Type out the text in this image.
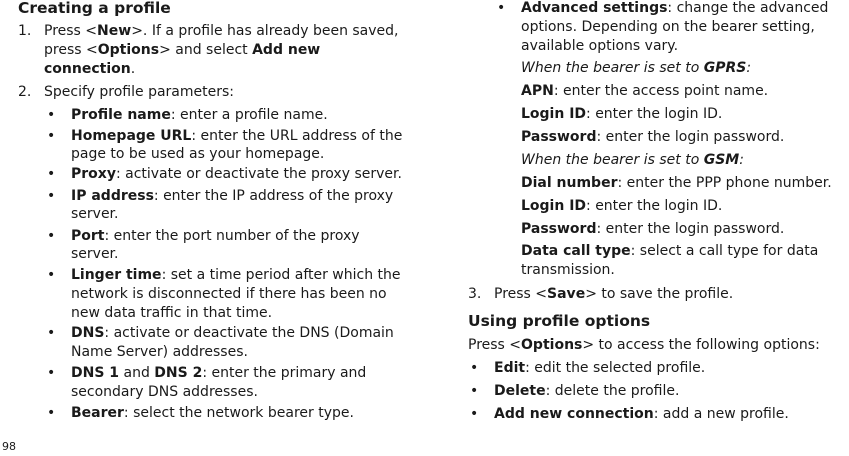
98
Creating a profile
1. Press <New>. If a profile has already been saved,
press <Options> and select Add new
connection.
2. Specify profile parameters:
• Profile name: enter a profile name.
• Homepage URL: enter the URL address of the
page to be used as your homepage.
• Proxy: activate or deactivate the proxy server.
• IP address: enter the IP address of the proxy
server.
• Port: enter the port number of the proxy
server.
• Linger time: set a time period after which the
network is disconnected if there has been no
new data traffic in that time.
• DNS: activate or deactivate the DNS (Domain
Name Server) addresses.
• DNS 1 and DNS 2: enter the primary and
secondary DNS addresses.
• Bearer: select the network bearer type.
• Advanced settings: change the advanced
options. Depending on the bearer setting,
available options vary.
When the bearer is set to GPRS:
APN: enter the access point name.
Login ID: enter the login ID.
Password: enter the login password.
When the bearer is set to GSM:
Dial number: enter the PPP phone number.
Login ID: enter the login ID.
Password: enter the login password.
Data call type: select a call type for data
transmission.
3. Press <Save> to save the profile.
Using profile options
Press <Options> to access the following options:
• Edit: edit the selected profile.
• Delete: delete the profile.
• Add new connection: add a new profile.
